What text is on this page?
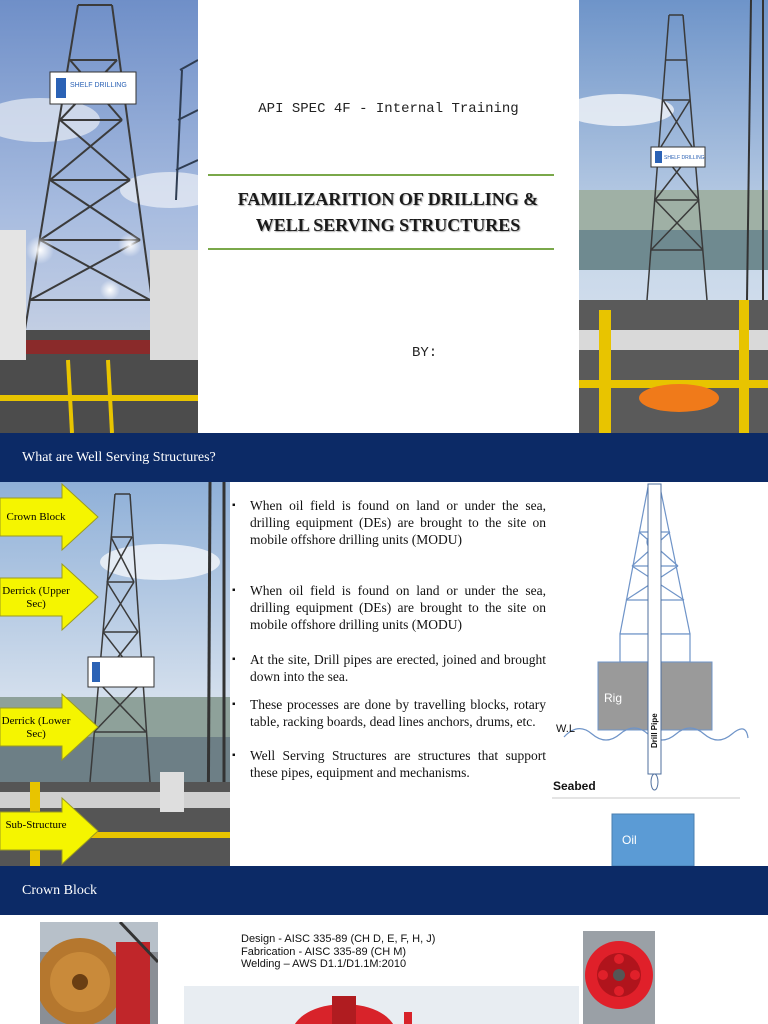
SHELF DRILLING
API SPEC 4F - Internal Training
FAMILIZARITION OF DRILLING &
WELL SERVING STRUCTURES
BY:
SHELF DRILLING
What are Well Serving Structures?
Crown Block
Derrick (Upper Sec)
Derrick (Lower Sec)
Sub-Structure
▪ When oil field is found on land or under the sea, drilling equipment (DEs) are brought to the site on mobile offshore drilling units (MODU)
▪ When oil field is found on land or under the sea, drilling equipment (DEs) are brought to the site on mobile offshore drilling units (MODU)
▪ At the site, Drill pipes are erected, joined and brought down into the sea.
▪ These processes are done by travelling blocks, rotary table, racking boards, dead lines anchors, drums, etc.
▪ Well Serving Structures are structures that support these pipes, equipment and mechanisms.
Rig
W.L	Drill Pipe
Seabed
Oil
Crown Block
Design - AISC 335-89 (CH D, E, F, H, J)
Fabrication - AISC 335-89 (CH M)
Welding – AWS D1.1/D1.1M:2010
